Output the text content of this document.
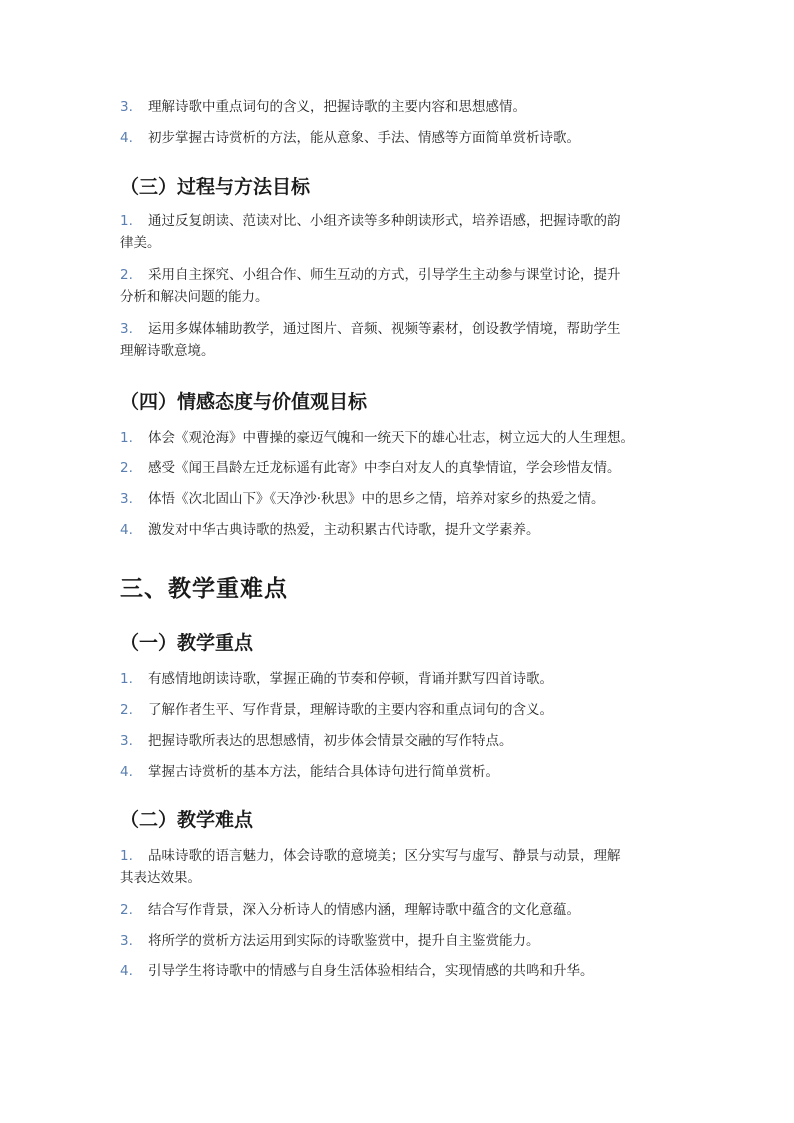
3. 理解诗歌中重点词句的含义，把握诗歌的主要内容和思想感情。
4. 初步掌握古诗赏析的方法，能从意象、手法、情感等方面简单赏析诗歌。
（三）过程与方法目标
1. 通过反复朗读、范读对比、小组齐读等多种朗读形式，培养语感，把握诗歌的韵
律美。
2. 采用自主探究、小组合作、师生互动的方式，引导学生主动参与课堂讨论，提升
分析和解决问题的能力。
3. 运用多媒体辅助教学，通过图片、音频、视频等素材，创设教学情境，帮助学生
理解诗歌意境。
（四）情感态度与价值观目标
1. 体会《观沧海》中曹操的豪迈气魄和一统天下的雄心壮志，树立远大的人生理想。
2. 感受《闻王昌龄左迁龙标遥有此寄》中李白对友人的真挚情谊，学会珍惜友情。
3. 体悟《次北固山下》《天净沙·秋思》中的思乡之情，培养对家乡的热爱之情。
4. 激发对中华古典诗歌的热爱，主动积累古代诗歌，提升文学素养。
三、教学重难点
（一）教学重点
1. 有感情地朗读诗歌，掌握正确的节奏和停顿，背诵并默写四首诗歌。
2. 了解作者生平、写作背景，理解诗歌的主要内容和重点词句的含义。
3. 把握诗歌所表达的思想感情，初步体会情景交融的写作特点。
4. 掌握古诗赏析的基本方法，能结合具体诗句进行简单赏析。
（二）教学难点
1. 品味诗歌的语言魅力，体会诗歌的意境美；区分实写与虚写、静景与动景，理解
其表达效果。
2. 结合写作背景，深入分析诗人的情感内涵，理解诗歌中蕴含的文化意蕴。
3. 将所学的赏析方法运用到实际的诗歌鉴赏中，提升自主鉴赏能力。
4. 引导学生将诗歌中的情感与自身生活体验相结合，实现情感的共鸣和升华。
